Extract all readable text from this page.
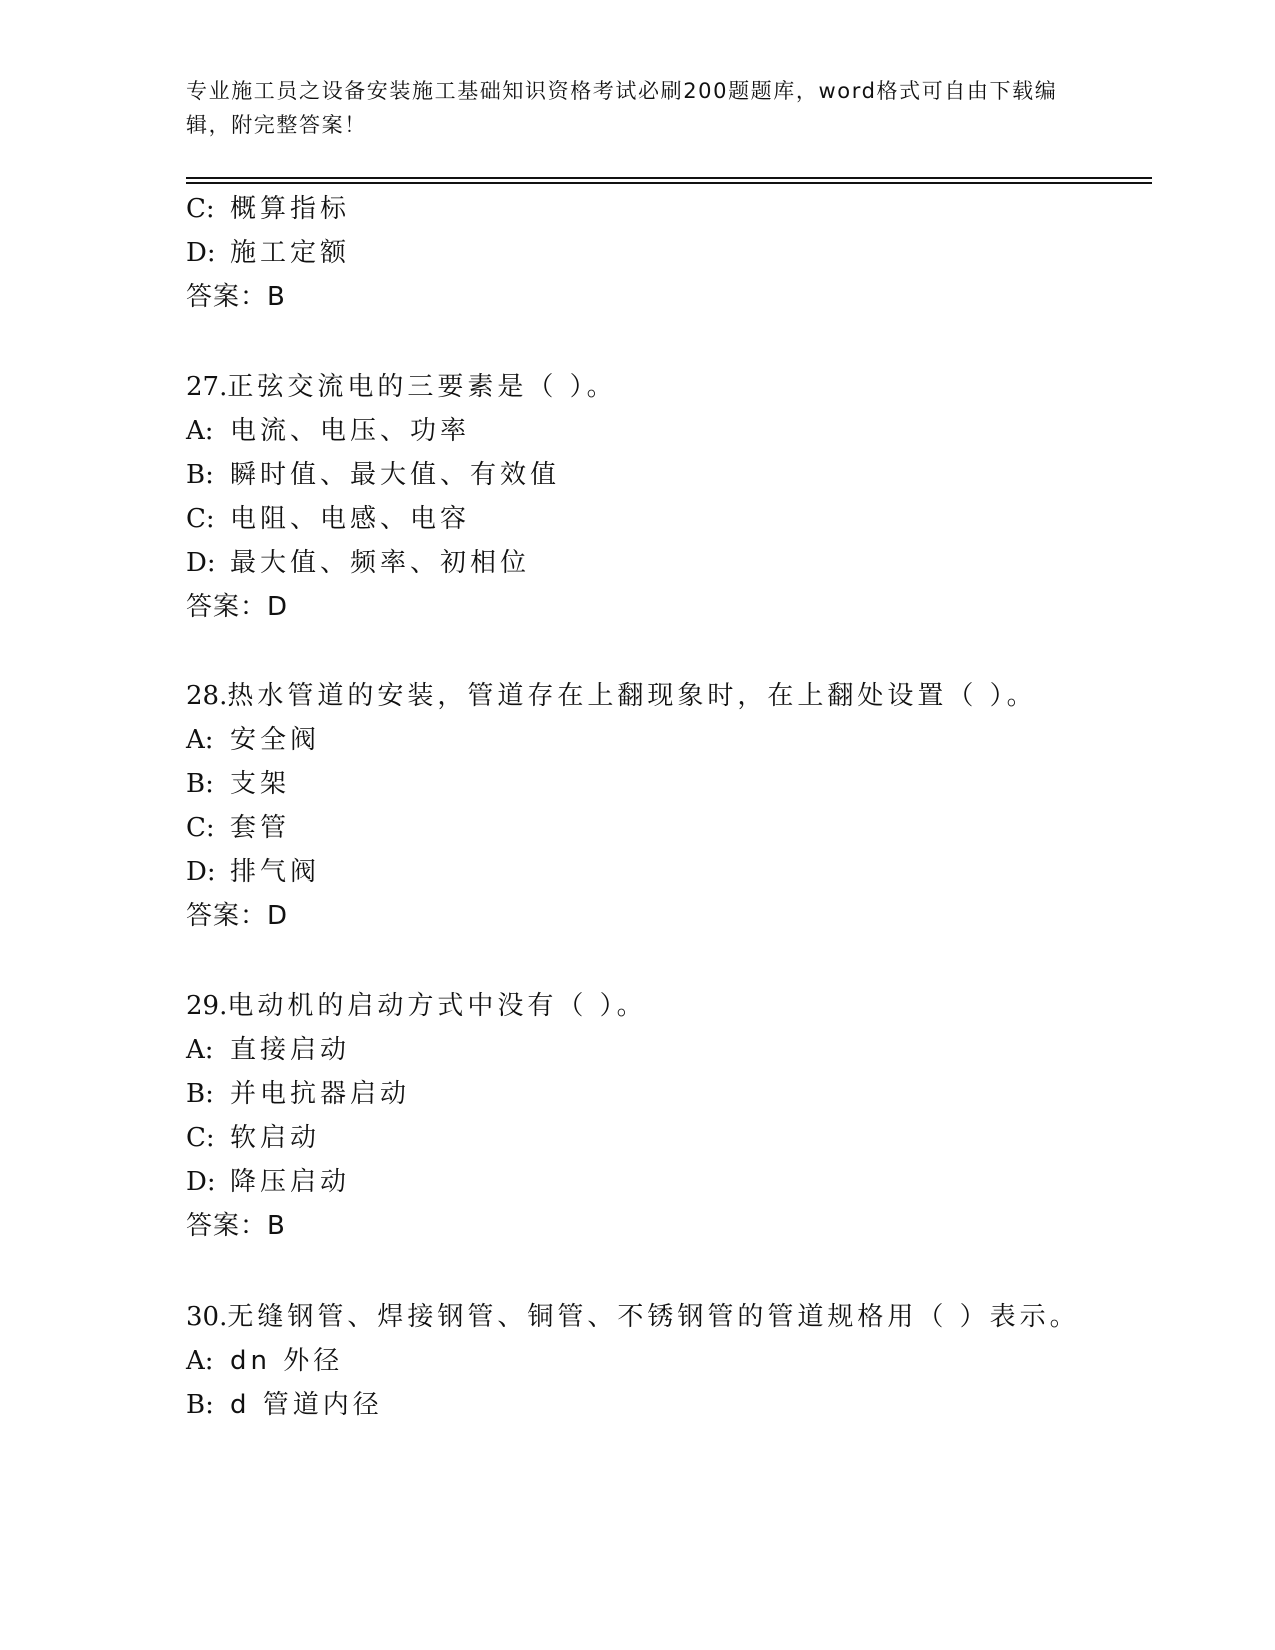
专业施工员之设备安装施工基础知识资格考试必刷200题题库，word格式可自由下载编辑，附完整答案！
C: 概算指标
D: 施工定额
答案：B
27.正弦交流电的三要素是（ ）。
A: 电流、电压、功率
B: 瞬时值、最大值、有效值
C: 电阻、电感、电容
D: 最大值、频率、初相位
答案：D
28.热水管道的安装，管道存在上翻现象时，在上翻处设置（ ）。
A: 安全阀
B: 支架
C: 套管
D: 排气阀
答案：D
29.电动机的启动方式中没有（ ）。
A: 直接启动
B: 并电抗器启动
C: 软启动
D: 降压启动
答案：B
30.无缝钢管、焊接钢管、铜管、不锈钢管的管道规格用（ ）表示。
A: dn 外径
B: d 管道内径
